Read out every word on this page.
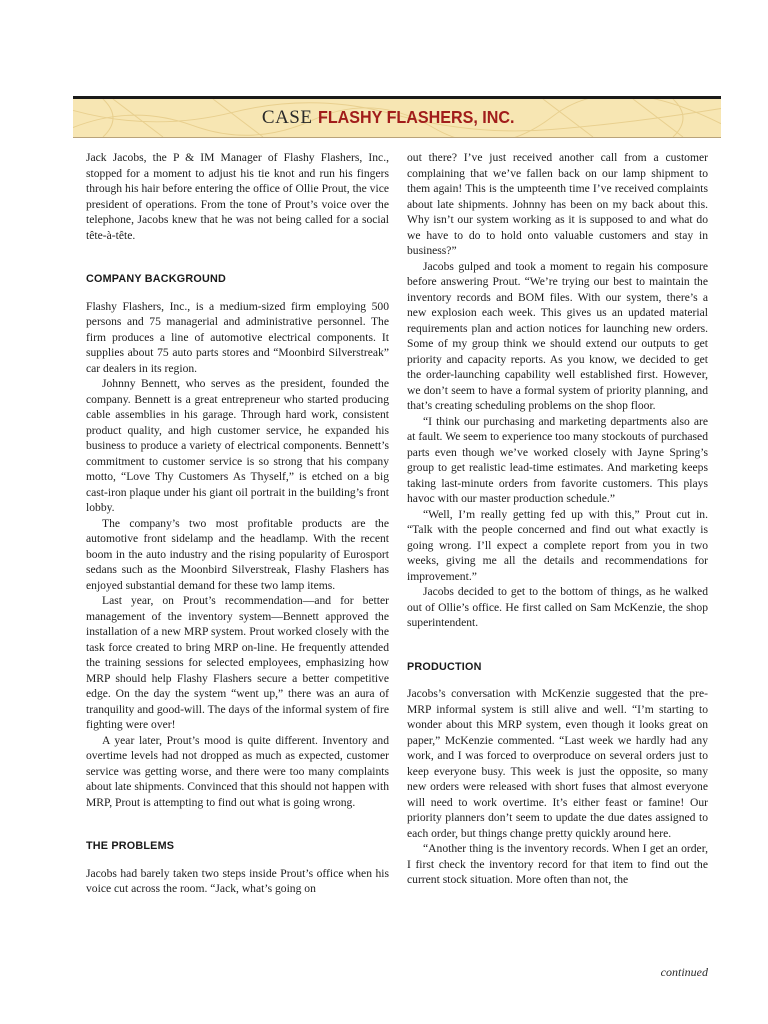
CASE FLASHY FLASHERS, INC.

Jack Jacobs, the P & IM Manager of Flashy Flashers, Inc., stopped for a moment to adjust his tie knot and run his fingers through his hair before entering the office of Ollie Prout, the vice president of operations. From the tone of Prout’s voice over the telephone, Jacobs knew that he was not being called for a social tête-à-tête.

COMPANY BACKGROUND

Flashy Flashers, Inc., is a medium-sized firm employing 500 persons and 75 managerial and administrative personnel. The firm produces a line of automotive electrical components. It supplies about 75 auto parts stores and “Moonbird Silverstreak” car dealers in its region.

Johnny Bennett, who serves as the president, founded the company. Bennett is a great entrepreneur who started producing cable assemblies in his garage. Through hard work, consistent product quality, and high customer service, he expanded his business to produce a variety of electrical components. Bennett’s commitment to customer service is so strong that his company motto, “Love Thy Customers As Thyself,” is etched on a big cast-iron plaque under his giant oil portrait in the building’s front lobby.

The company’s two most profitable products are the automotive front sidelamp and the headlamp. With the recent boom in the auto industry and the rising popularity of Eurosport sedans such as the Moonbird Silverstreak, Flashy Flashers has enjoyed substantial demand for these two lamp items.

Last year, on Prout’s recommendation—and for better management of the inventory system—Bennett approved the installation of a new MRP system. Prout worked closely with the task force created to bring MRP on-line. He frequently attended the training sessions for selected employees, emphasizing how MRP should help Flashy Flashers secure a better competitive edge. On the day the system “went up,” there was an aura of tranquility and good-will. The days of the informal system of fire fighting were over!

A year later, Prout’s mood is quite different. Inventory and overtime levels had not dropped as much as expected, customer service was getting worse, and there were too many complaints about late shipments. Convinced that this should not happen with MRP, Prout is attempting to find out what is going wrong.

THE PROBLEMS

Jacobs had barely taken two steps inside Prout’s office when his voice cut across the room. “Jack, what’s going on

out there? I’ve just received another call from a customer complaining that we’ve fallen back on our lamp shipment to them again! This is the umpteenth time I’ve received complaints about late shipments. Johnny has been on my back about this. Why isn’t our system working as it is supposed to and what do we have to do to hold onto valuable customers and stay in business?”

Jacobs gulped and took a moment to regain his composure before answering Prout. “We’re trying our best to maintain the inventory records and BOM files. With our system, there’s a new explosion each week. This gives us an updated material requirements plan and action notices for launching new orders. Some of my group think we should extend our outputs to get priority and capacity reports. As you know, we decided to get the order-launching capability well established first. However, we don’t seem to have a formal system of priority planning, and that’s creating scheduling problems on the shop floor.

“I think our purchasing and marketing departments also are at fault. We seem to experience too many stockouts of purchased parts even though we’ve worked closely with Jayne Spring’s group to get realistic lead-time estimates. And marketing keeps taking last-minute orders from favorite customers. This plays havoc with our master production schedule.”

“Well, I’m really getting fed up with this,” Prout cut in. “Talk with the people concerned and find out what exactly is going wrong. I’ll expect a complete report from you in two weeks, giving me all the details and recommendations for improvement.”

Jacobs decided to get to the bottom of things, as he walked out of Ollie’s office. He first called on Sam McKenzie, the shop superintendent.

PRODUCTION

Jacobs’s conversation with McKenzie suggested that the pre-MRP informal system is still alive and well. “I’m starting to wonder about this MRP system, even though it looks great on paper,” McKenzie commented. “Last week we hardly had any work, and I was forced to overproduce on several orders just to keep everyone busy. This week is just the opposite, so many new orders were released with short fuses that almost everyone will need to work overtime. It’s either feast or famine! Our priority planners don’t seem to update the due dates assigned to each order, but things change pretty quickly around here.

“Another thing is the inventory records. When I get an order, I first check the inventory record for that item to find out the current stock situation. More often than not, the

continued
